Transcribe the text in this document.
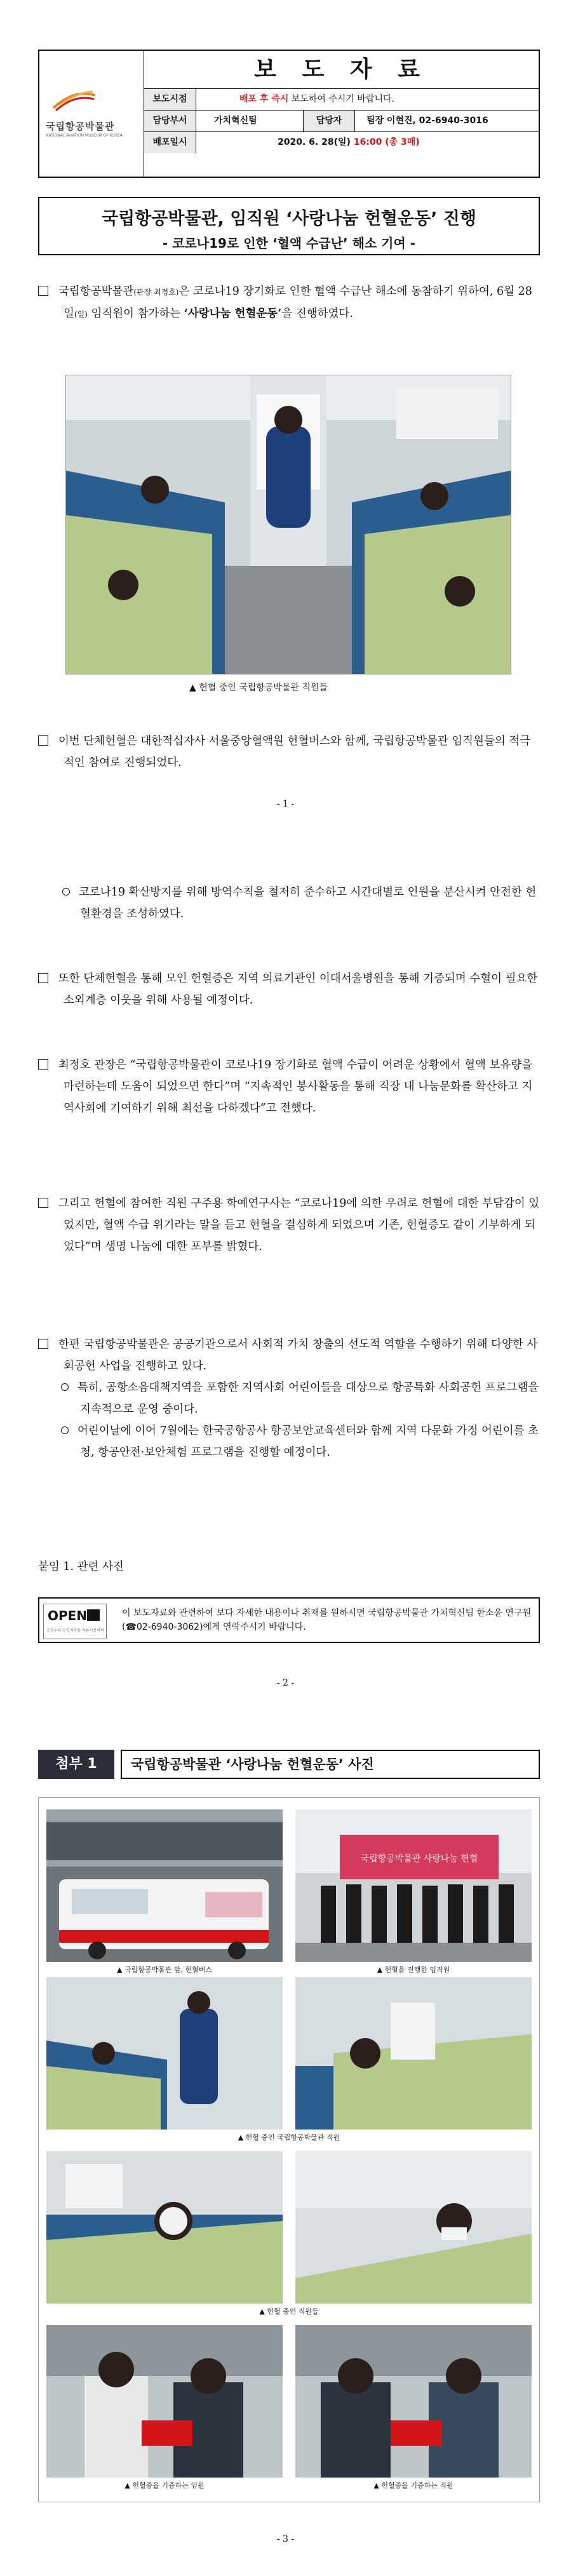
국립항공박물관
NATIONAL AVIATION MUSEUM OF KOREA
보 도 자 료
보도시점	배포 후 즉시 보도하여 주시기 바랍니다.
담당부서	가치혁신팀	담당자	팀장 이현진, 02-6940-3016
배포일시	2020. 6. 28(일) 16:00 (총 3매)
국립항공박물관, 임직원 ‘사랑나눔 헌혈운동’ 진행
- 코로나19로 인한 ‘혈액 수급난’ 해소 기여 -
국립항공박물관(관장 최정호)은 코로나19 장기화로 인한 혈액 수급난 해소에 동참하기 위하여, 6월 28일(일) 임직원이 참가하는 ‘사랑나눔 헌혈운동’을 진행하였다.
▲ 헌혈 중인 국립항공박물관 직원들
이번 단체헌혈은 대한적십자사 서울중앙혈액원 헌혈버스와 함께, 국립항공박물관 임직원들의 적극적인 참여로 진행되었다.
- 1 -
코로나19 확산방지를 위해 방역수칙을 철저히 준수하고 시간대별로 인원을 분산시켜 안전한 헌혈환경을 조성하였다.
또한 단체헌혈을 통해 모인 헌혈증은 지역 의료기관인 이대서울병원을 통해 기증되며 수혈이 필요한 소외계층 이웃을 위해 사용될 예정이다.
최정호 관장은 “국립항공박물관이 코로나19 장기화로 혈액 수급이 어려운 상황에서 혈액 보유량을 마련하는데 도움이 되었으면 한다”며 “지속적인 봉사활동을 통해 직장 내 나눔문화를 확산하고 지역사회에 기여하기 위해 최선을 다하겠다”고 전했다.
그리고 헌혈에 참여한 직원 구주용 학예연구사는 “코로나19에 의한 우려로 헌혈에 대한 부담감이 있었지만, 혈액 수급 위기라는 말을 듣고 헌혈을 결심하게 되었으며 기존, 헌혈증도 같이 기부하게 되었다”며 생명 나눔에 대한 포부를 밝혔다.
한편 국립항공박물관은 공공기관으로서 사회적 가치 창출의 선도적 역할을 수행하기 위해 다양한 사회공헌 사업을 진행하고 있다.
특히, 공항소음대책지역을 포함한 지역사회 어린이들을 대상으로 항공특화 사회공헌 프로그램을 지속적으로 운영 중이다.
어린이날에 이어 7월에는 한국공항공사 항공보안교육센터와 함께 지역 다문화 가정 어린이를 초청, 항공안전·보안체험 프로그램을 진행할 예정이다.
붙임 1. 관련 사진
OPEN
공공누리 공공저작물 자유이용허락
이 보도자료와 관련하여 보다 자세한 내용이나 취재를 원하시면 국립항공박물관 가치혁신팀 한소윤 연구원(☎02-6940-3062)에게 연락주시기 바랍니다.
- 2 -
첨부 1	국립항공박물관 ‘사랑나눔 헌혈운동’ 사진
국립항공박물관 사랑나눔 헌혈
▲ 국립항공박물관 앞, 헌혈버스	▲ 헌혈을 진행한 임직원
▲ 헌혈 중인 국립항공박물관 직원
▲ 헌혈 중인 직원들
▲ 헌혈증을 기증하는 임원	▲ 헌혈증을 기증하는 직원
- 3 -
